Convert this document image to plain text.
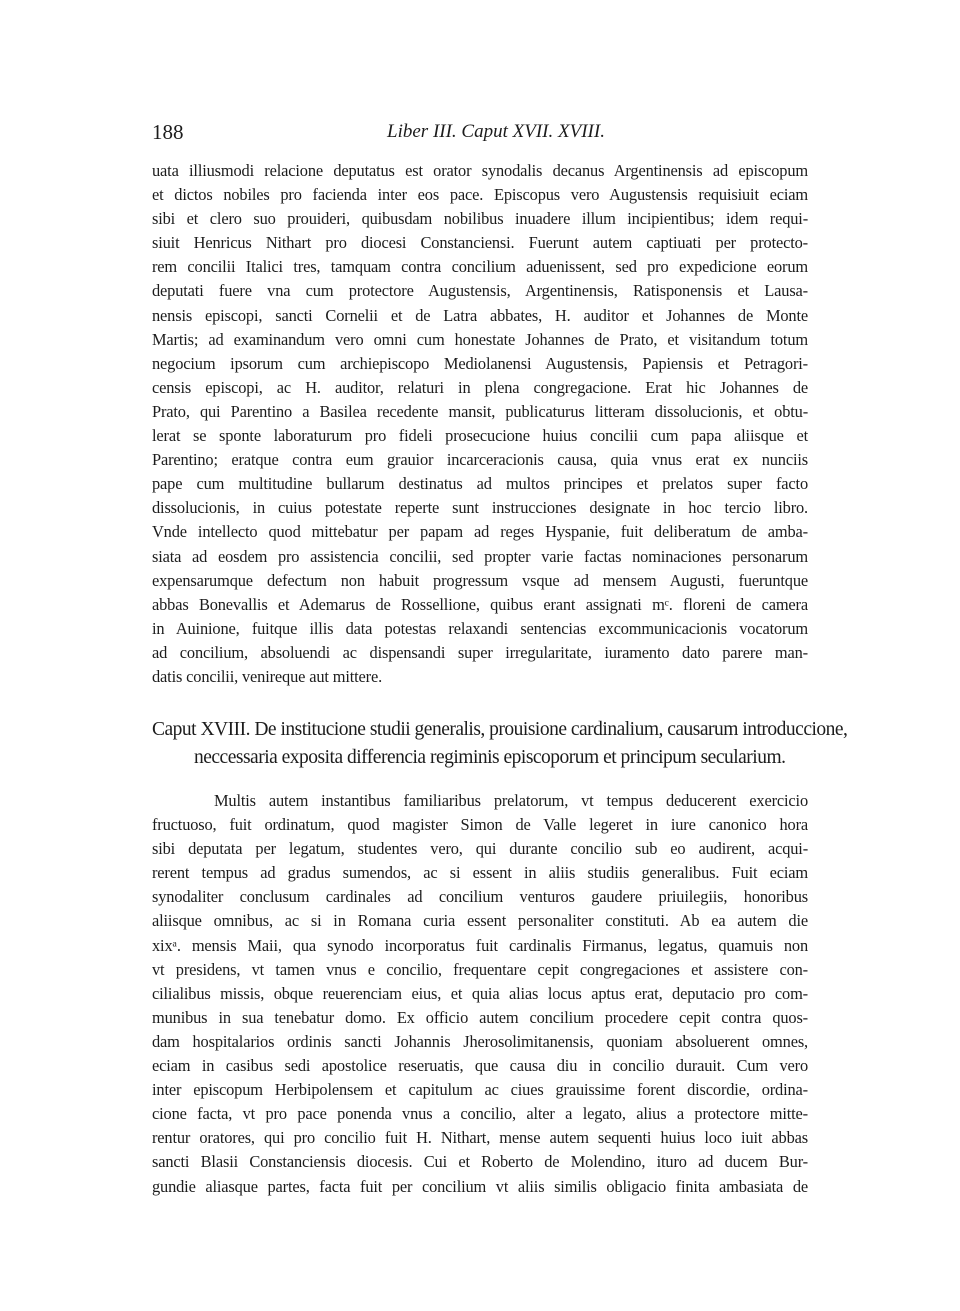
188	Liber III. Caput XVII. XVIII.
uata illiusmodi relacione deputatus est orator synodalis decanus Argentinensis ad episcopum
et dictos nobiles pro facienda inter eos pace. Episcopus vero Augustensis requisiuit eciam
sibi et clero suo prouideri, quibusdam nobilibus inuadere illum incipientibus; idem requi-
siuit Henricus Nithart pro diocesi Constanciensi. Fuerunt autem captiuati per protecto-
rem concilii Italici tres, tamquam contra concilium aduenissent, sed pro expedicione eorum
deputati fuere vna cum protectore Augustensis, Argentinensis, Ratisponensis et Lausa-
nensis episcopi, sancti Cornelii et de Latra abbates, H. auditor et Johannes de Monte
Martis; ad examinandum vero omni cum honestate Johannes de Prato, et visitandum totum
negocium ipsorum cum archiepiscopo Mediolanensi Augustensis, Papiensis et Petragori-
censis episcopi, ac H. auditor, relaturi in plena congregacione. Erat hic Johannes de
Prato, qui Parentino a Basilea recedente mansit, publicaturus litteram dissolucionis, et obtu-
lerat se sponte laboraturum pro fideli prosecucione huius concilii cum papa aliisque et
Parentino; eratque contra eum grauior incarceracionis causa, quia vnus erat ex nunciis
pape cum multitudine bullarum destinatus ad multos principes et prelatos super facto
dissolucionis, in cuius potestate reperte sunt instrucciones designate in hoc tercio libro.
Vnde intellecto quod mittebatur per papam ad reges Hyspanie, fuit deliberatum de amba-
siata ad eosdem pro assistencia concilii, sed propter varie factas nominaciones personarum
expensarumque defectum non habuit progressum vsque ad mensem Augusti, fueruntque
abbas Bonevallis et Ademarus de Rossellione, quibus erant assignati mᶜ. floreni de camera
in Auinione, fuitque illis data potestas relaxandi sentencias excommunicacionis vocatorum
ad concilium, absoluendi ac dispensandi super irregularitate, iuramento dato parere man-
datis concilii, venireque aut mittere.
Caput XVIII. De institucione studii generalis, prouisione cardinalium, causarum introduccione,
neccessaria exposita differencia regiminis episcoporum et principum secularium.
Multis autem instantibus familiaribus prelatorum, vt tempus deducerent exercicio
fructuoso, fuit ordinatum, quod magister Simon de Valle legeret in iure canonico hora
sibi deputata per legatum, studentes vero, qui durante concilio sub eo audirent, acqui-
rerent tempus ad gradus sumendos, ac si essent in aliis studiis generalibus. Fuit eciam
synodaliter conclusum cardinales ad concilium venturos gaudere priuilegiis, honoribus
aliisque omnibus, ac si in Romana curia essent personaliter constituti. Ab ea autem die
xixᵃ. mensis Maii, qua synodo incorporatus fuit cardinalis Firmanus, legatus, quamuis non
vt presidens, vt tamen vnus e concilio, frequentare cepit congregaciones et assistere con-
cilialibus missis, obque reuerenciam eius, et quia alias locus aptus erat, deputacio pro com-
munibus in sua tenebatur domo. Ex officio autem concilium procedere cepit contra quos-
dam hospitalarios ordinis sancti Johannis Jherosolimitanensis, quoniam absoluerent omnes,
eciam in casibus sedi apostolice reseruatis, que causa diu in concilio durauit. Cum vero
inter episcopum Herbipolensem et capitulum ac ciues grauissime forent discordie, ordina-
cione facta, vt pro pace ponenda vnus a concilio, alter a legato, alius a protectore mitte-
rentur oratores, qui pro concilio fuit H. Nithart, mense autem sequenti huius loco iuit abbas
sancti Blasii Constanciensis diocesis. Cui et Roberto de Molendino, ituro ad ducem Bur-
gundie aliasque partes, facta fuit per concilium vt aliis similis obligacio finita ambasiata de
